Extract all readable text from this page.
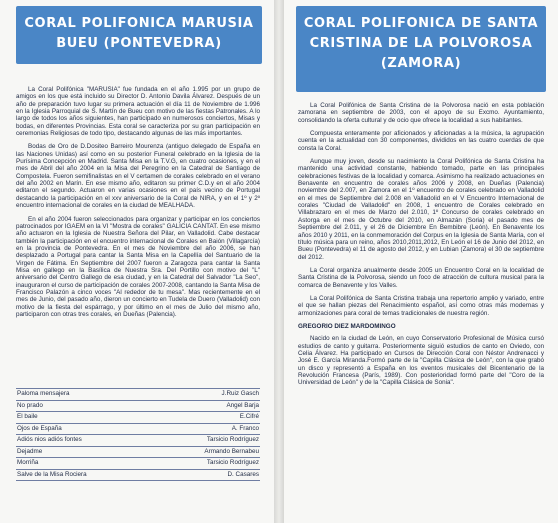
CORAL POLIFONICA MARUSIA
BUEU (PONTEVEDRA)

La Coral Polifónica "MARUSIA" fue fundada en el año 1.995 por un grupo de amigos en los que está incluido su Director D. Antonio Davila Álvarez. Después de un año de preparación tuvo lugar su primera actuación el día 11 de Noviembre de 1.996 en la Iglesia Parroquial de S. Martín de Bueu con motivo de las fiestas Patronales. A lo largo de todos los años siguientes, han participado en numerosos conciertos, Misas y bodas, en diferentes Provincias. Esta coral se caracteriza por su gran participación en ceremonias Religiosas de todo tipo, destacando algunas de las más importantes.

Bodas de Oro de D.Dositeo Barreiro Mourenza (antiguo delegado de España en las Naciones Unidas) así como en su posterior Funeral celebrado en la Iglesia de la Purísima Concepción en Madrid. Santa Misa en la T.V.G, en cuatro ocasiones, y en el mes de Abril del año 2004 en la Misa del Peregrino en la Catedral de Santiago de Compostela. Fueron semifinalistas en el V certamen de corales celebrado en el verano del año 2002 en Marín. En ese mismo año, editaron su primer C.D.y en el año 2004 editaron el segundo. Actuaron en varias ocasiones en el país vecino de Portugal destacando la participación en el xxv aniversario de la Coral de NIRA, y en el 1º y 2º encuentro internacional de corales en la ciudad de MEALHADA.

En el año 2004 fueron seleccionados para organizar y participar en los conciertos patrocinados por IGAEM en la VI "Mostra de corales" GALICIA CANTAT. En ese mismo año actuaron en la Iglesia de Nuestra Señora del Pilar, en Valladolid. Cabe destacar también la participación en el encuentro internacional de Corales en Baión (Villagarcía) en la provincia de Pontevedra. En el mes de Noviembre del año 2006, se han desplazado a Portugal para cantar la Santa Misa en la Capellía del Santuario de la Virgen de Fátima. En Septiembre del 2007 fueron a Zaragoza para cantar la Santa Misa en gallego en la Basílica de Nuestra Sra. Del Portillo con motivo del "L" aniversario del Centro Gallego de esa ciudad, y en la Catedral del Salvador "La Seo", inauguraron el curso de participación de corales 2007-2008, cantando la Santa Misa de Francisco Palazón a cinco voces "Al rededor de tu mesa". Mas recientemente en el mes de Junio, del pasado año, dieron un concierto en Tudela de Duero (Valladolid) con motivo de la fiesta del espárrago, y por último en el mes de Julio del mismo año, participaron con otras tres corales, en Dueñas (Palencia).

Paloma mensajera	J.Ruiz Gasch
No prado	Angel Barja
El baile	E.Cifré
Ojos de España	A. Franco
Adiós nios adiós fontes	Tarsicio Rodríguez
Dejadme	Armando Bernabeu
Morriña	Tarsicio Rodríguez
Salve de la Misa Rociera	D. Casares
CORAL POLIFONICA DE SANTA
CRISTINA DE LA POLVOROSA
(ZAMORA)

La Coral Polifónica de Santa Cristina de la Polvorosa nació en esta población zamorana en septiembre de 2003, con el apoyo de su Excmo. Ayuntamiento, consolidando la oferta cultural y de ocio que ofrece la localidad a sus habitantes.

Compuesta enteramente por aficionados y aficionadas a la música, la agrupación cuenta en la actualidad con 30 componentes, divididos en las cuatro cuerdas de que consta la Coral.

Aunque muy joven, desde su nacimiento la Coral Polifónica de Santa Cristina ha mantenido una actividad constante, habiendo tomado, parte en las principales celebraciones festivas de la localidad y comarca. Asimismo ha realizado actuaciones en Benavente en encuentro de corales años 2006 y 2008, en Dueñas (Palencia) noviembre del 2.007, en Zamora en el 1º encuentro de corales celebrado en Valladolid en el mes de Septiembre del 2.008 en Valladolid en el V Encuentro Internacional de corales "Ciudad de Valladolid" en 2008, 1 encuentro de Corales celebrado en Villabrazaro en el mes de Marzo del 2.010, 1º Concurso de corales celebrado en Astorga en el mes de Octubre del 2010, en Almazán (Soria) el pasado mes de Septiembre del 2.011, y el 26 de Diciembre En Bembibre (León). En Benavente los años 2010 y 2011, en la conmemoración del Corpus en la Iglesia de Santa María, con el título música para un reino, años 2010,2011,2012, En León el 16 de Junio del 2012, en Bueu (Pontevedra) el 11 de agosto del 2012, y en Lubian (Zamora) el 30 de septiembre del 2012.

La Coral organiza anualmente desde 2005 un Encuentro Coral en la localidad de Santa Cristina de la Polvorosa, siendo un foco de atracción de cultura musical para la comarca de Benavente y los Valles.

La Coral Polifónica de Santa Cristina trabaja una repertorio amplio y variado, entre el que se hallan piezas del Renacimiento español, así como otras más modernas y armonizaciones para coral de temas tradicionales de nuestra región.

GREGORIO DIEZ MARDOMINGO

Nacido en la ciudad de León, en cuyo Conservatorio Profesional de Música cursó estudios de canto y guitarra. Posteriormente siguió estudios de canto en Oviedo, con Celia Álvarez. Ha participado en Cursos de Dirección Coral con Néstor Andrenacci y José E. García Miranda.Formó parte de la "Capilla Clásica de León", con la que grabó un disco y representó a España en los eventos musicales del Bicentenario de la Revolución Francesa (París, 1989). Con posterioridad formó parte del "Coro de la Universidad de León" y de la "Capilla Clásica de Sonia".
